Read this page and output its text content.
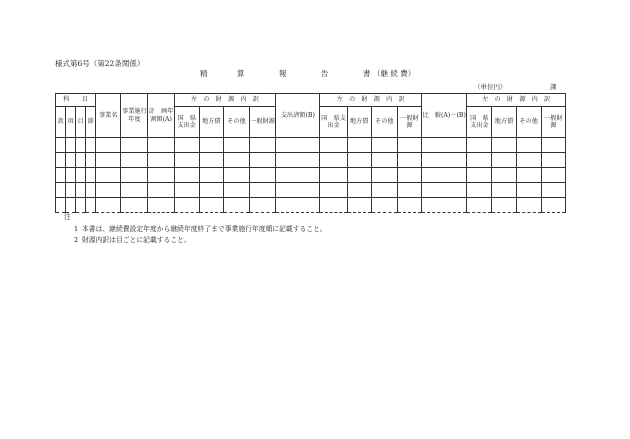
様式第6号（第22条関係）
精	算	報	告	書 （継 続 費）
（単位円）	課
科　　目				事業名	事業施行年度	計　画年割額(A)	左　の　財　源　内　訳				支出済額(B)	左　の　財　源　内　訳				比　較(A)－(B)	左　の　財　源　内　訳			
款	項	目	節				国　県支出金	地方債	その他	一般財源		国　県支出金	地方債	その他	一般財源		国　県支出金	地方債	その他	一般財源

注
1 本書は、継続費設定年度から継続年度終了まで事業施行年度順に記載すること。
2 財源内訳は目ごとに記載すること。
